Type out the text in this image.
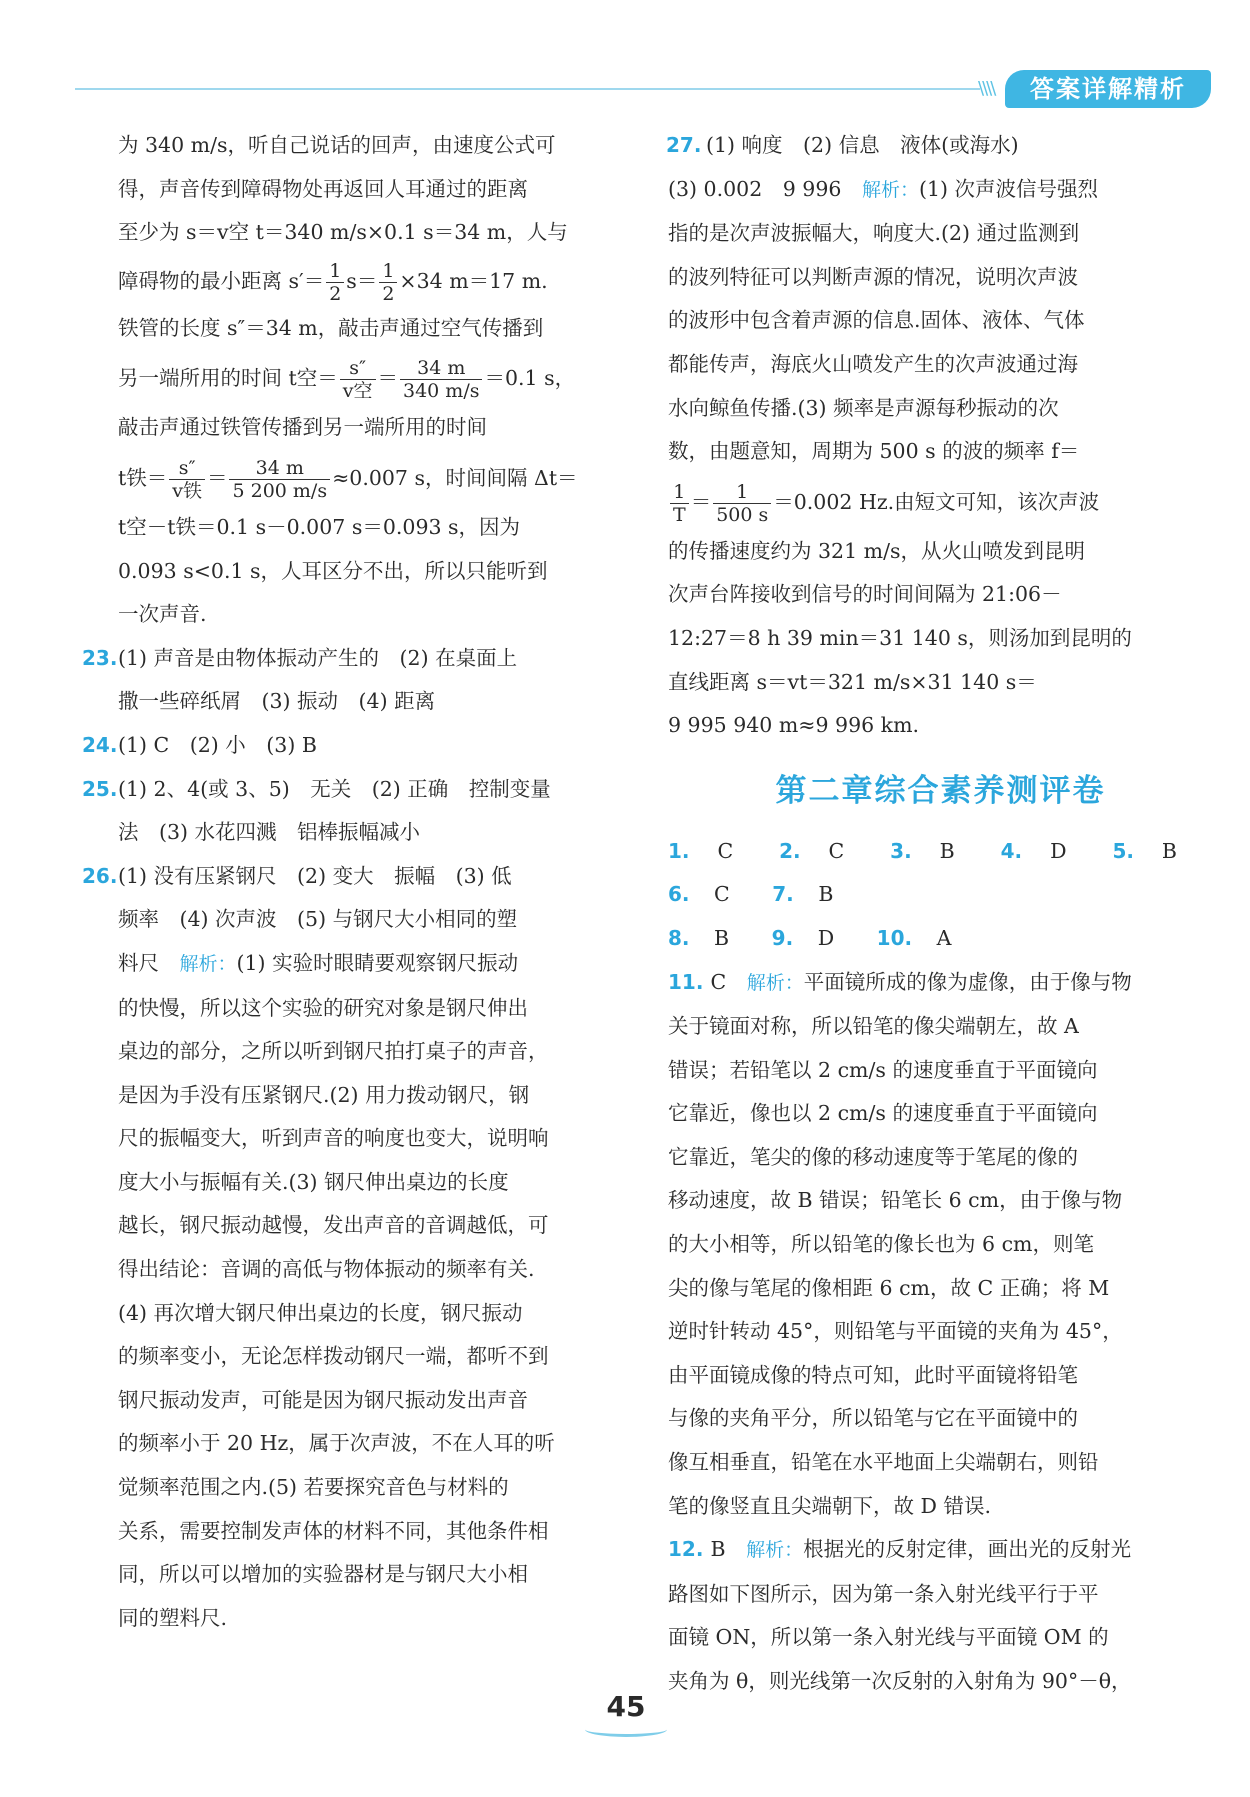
\\\\	答案详解精析

为 340 m/s，听自己说话的回声，由速度公式可

得，声音传到障碍物处再返回人耳通过的距离

至少为 s＝v空 t＝340 m/s×0.1 s＝34 m，人与

障碍物的最小距离 $s'= \frac{1}{2} s= \frac{1}{2} \times 34$ m＝17 m.

铁管的长度 s″＝34 m，敲击声通过空气传播到

另一端所用的时间 t空＝ $\frac{s''}{\text{v空}} = \frac{34 m}{340 m/s} =0.1$ s，

敲击声通过铁管传播到另一端所用的时间

t铁＝ $\frac{s''}{\text{v铁}} = \frac{34 m}{5 200 m/s} \approx 0.007$ s，时间间隔 Δt＝

t空－t铁＝0.1 s－0.007 s＝0.093 s，因为

0.093 s<0.1 s，人耳区分不出，所以只能听到

一次声音.

23.(1) 声音是由物体振动产生的　(2) 在桌面上

撒一些碎纸屑　(3) 振动　(4) 距离

24.(1) C　(2) 小　(3) B

25.(1) 2、4(或 3、5)　无关　(2) 正确　控制变量

法　(3) 水花四溅　铝棒振幅减小

26.(1) 没有压紧钢尺　(2) 变大　振幅　(3) 低

频率　(4) 次声波　(5) 与钢尺大小相同的塑

料尺　解析：(1) 实验时眼睛要观察钢尺振动

的快慢，所以这个实验的研究对象是钢尺伸出

桌边的部分，之所以听到钢尺拍打桌子的声音，

是因为手没有压紧钢尺.(2) 用力拨动钢尺，钢

尺的振幅变大，听到声音的响度也变大，说明响

度大小与振幅有关.(3) 钢尺伸出桌边的长度

越长，钢尺振动越慢，发出声音的音调越低，可

得出结论：音调的高低与物体振动的频率有关.

(4) 再次增大钢尺伸出桌边的长度，钢尺振动

的频率变小，无论怎样拨动钢尺一端，都听不到

钢尺振动发声，可能是因为钢尺振动发出声音

的频率小于 20 Hz，属于次声波，不在人耳的听

觉频率范围之内.(5) 若要探究音色与材料的

关系，需要控制发声体的材料不同，其他条件相

同，所以可以增加的实验器材是与钢尺大小相

同的塑料尺.

27. (1) 响度　(2) 信息　液体(或海水)

(3) 0.002　9 996　解析：(1) 次声波信号强烈

指的是次声波振幅大，响度大.(2) 通过监测到

的波列特征可以判断声源的情况，说明次声波

的波形中包含着声源的信息.固体、液体、气体

都能传声，海底火山喷发产生的次声波通过海

水向鲸鱼传播.(3) 频率是声源每秒振动的次

数，由题意知，周期为 500 s 的波的频率 f＝

$\frac{1}{T} = \frac{1}{500 s} =0.002$ Hz.由短文可知，该次声波

的传播速度约为 321 m/s，从火山喷发到昆明

次声台阵接收到信号的时间间隔为 21:06－

12:27＝8 h 39 min＝31 140 s，则汤加到昆明的

直线距离 s＝vt＝321 m/s×31 140 s＝

9 995 940 m≈9 996 km.

第二章综合素养测评卷

1. C 2. C 3. B 4. D 5. B 6. C 7. B

8. B 9. D 10. A

11. C　 解析：平面镜所成的像为虚像，由于像与物

关于镜面对称，所以铅笔的像尖端朝左，故 A

错误；若铅笔以 2 cm/s 的速度垂直于平面镜向

它靠近，像也以 2 cm/s 的速度垂直于平面镜向

它靠近，笔尖的像的移动速度等于笔尾的像的

移动速度，故 B 错误；铅笔长 6 cm，由于像与物

的大小相等，所以铅笔的像长也为 6 cm，则笔

尖的像与笔尾的像相距 6 cm，故 C 正确；将 M

逆时针转动 45°，则铅笔与平面镜的夹角为 45°，

由平面镜成像的特点可知，此时平面镜将铅笔

与像的夹角平分，所以铅笔与它在平面镜中的

像互相垂直，铅笔在水平地面上尖端朝右，则铅

笔的像竖直且尖端朝下，故 D 错误.

12. B　 解析：根据光的反射定律，画出光的反射光

路图如下图所示，因为第一条入射光线平行于平

面镜 ON，所以第一条入射光线与平面镜 OM 的

夹角为 θ，则光线第一次反射的入射角为 90°－θ，

45
